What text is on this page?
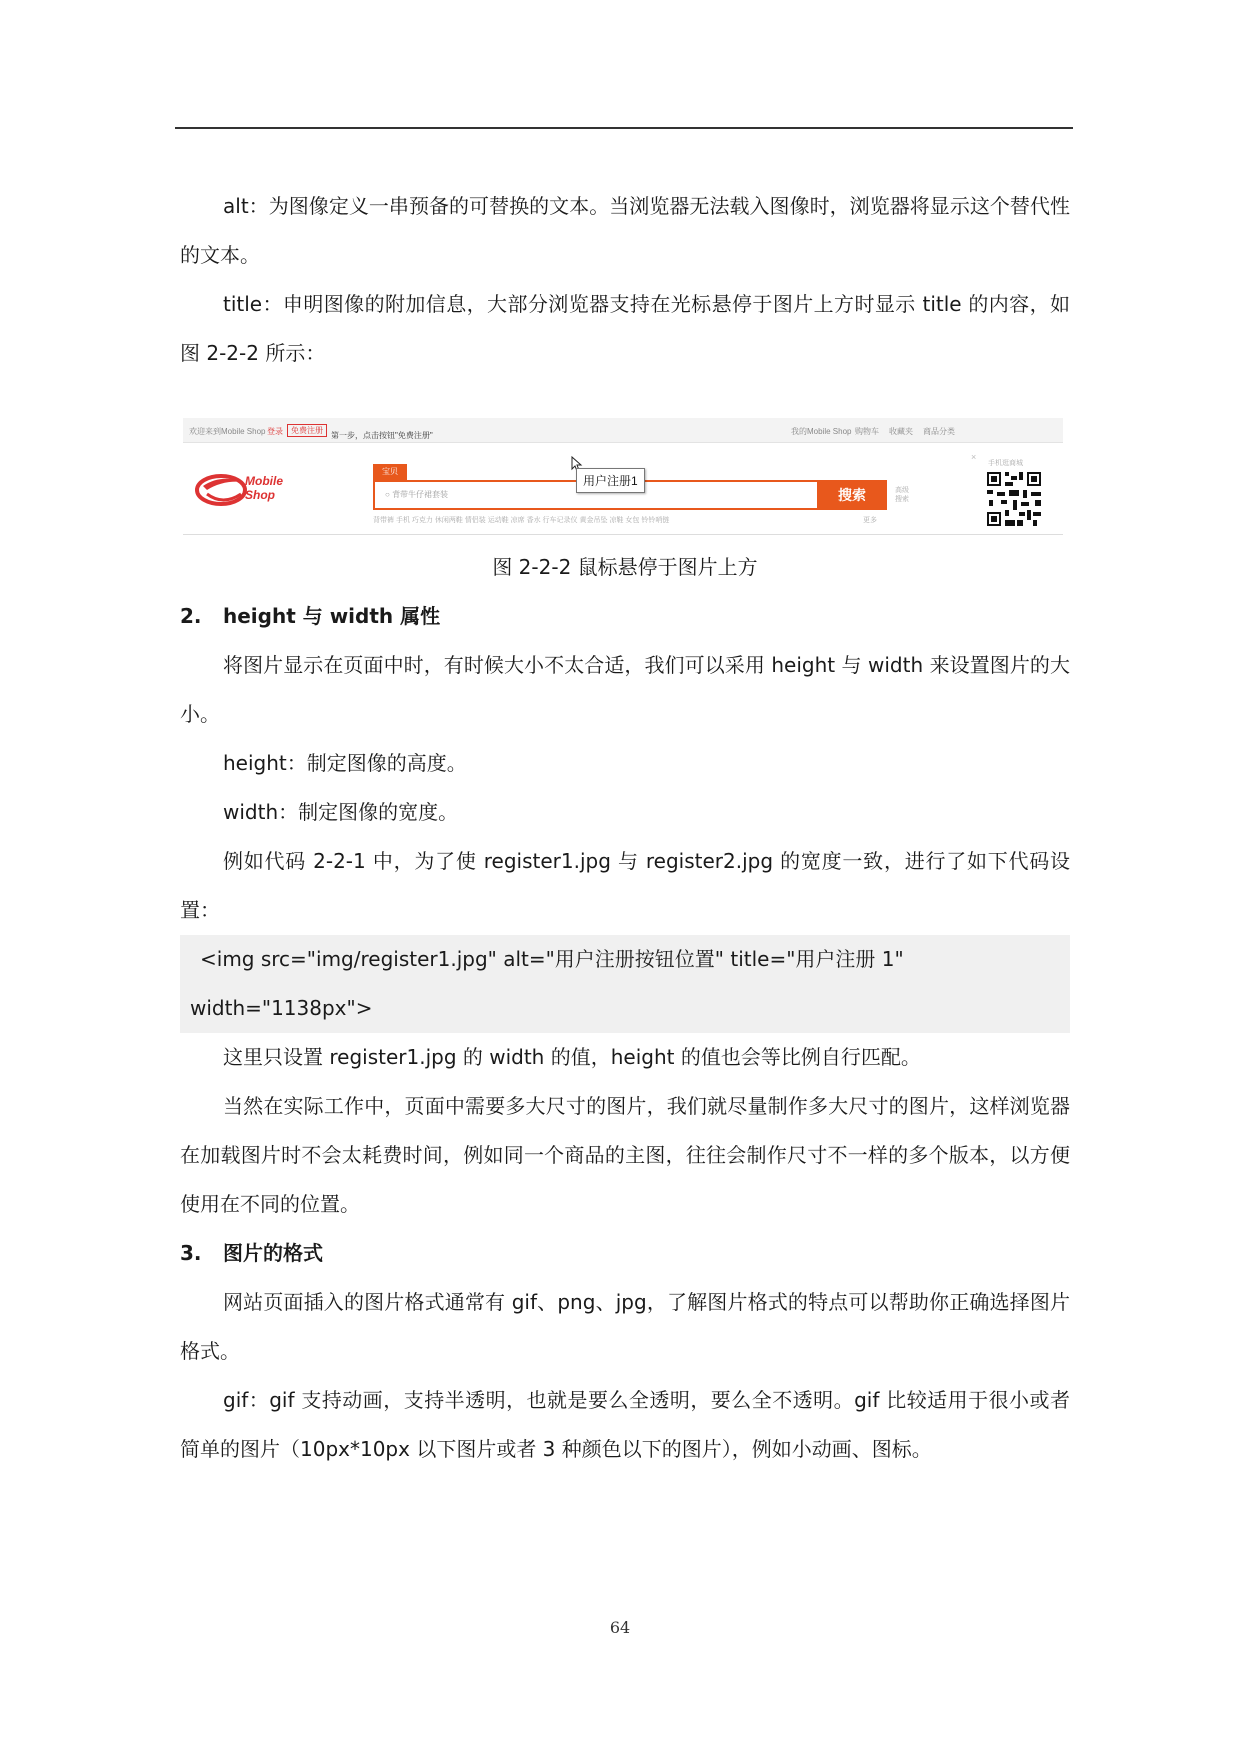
alt：为图像定义一串预备的可替换的文本。当浏览器无法载入图像时，浏览器将显示这个替代性的文本。

title：申明图像的附加信息，大部分浏览器支持在光标悬停于图片上方时显示 title 的内容，如图 2-2-2 所示：

欢迎来到Mobile Shop 登录	免费注册
第一步，点击按钮"免费注册"	我的Mobile Shop 购物车 收藏夹 商品分类
Mobile
Shop
宝贝
○ 背带牛仔裙套装	搜索
用户注册1
背带裤 手机 巧克力 休闲两鞋 情侣装 运动鞋 凉席 香水 行车记录仪 黄金吊坠 凉鞋 女包 铃铃哨链	更多
高级
搜索
×
手机逛商城

图 2-2-2 鼠标悬停于图片上方

2. height 与 width 属性

将图片显示在页面中时，有时候大小不太合适，我们可以采用 height 与 width 来设置图片的大小。

height：制定图像的高度。

width：制定图像的宽度。

例如代码 2-2-1 中，为了使 register1.jpg 与 register2.jpg 的宽度一致，进行了如下代码设置：

<img src="img/register1.jpg" alt="用户注册按钮位置" title="用户注册 1"
width="1138px">

这里只设置 register1.jpg 的 width 的值，height 的值也会等比例自行匹配。

当然在实际工作中，页面中需要多大尺寸的图片，我们就尽量制作多大尺寸的图片，这样浏览器在加载图片时不会太耗费时间，例如同一个商品的主图，往往会制作尺寸不一样的多个版本，以方便使用在不同的位置。

3. 图片的格式

网站页面插入的图片格式通常有 gif、png、jpg，了解图片格式的特点可以帮助你正确选择图片格式。

gif：gif 支持动画，支持半透明，也就是要么全透明，要么全不透明。gif 比较适用于很小或者简单的图片（10px*10px 以下图片或者 3 种颜色以下的图片），例如小动画、图标。

64
